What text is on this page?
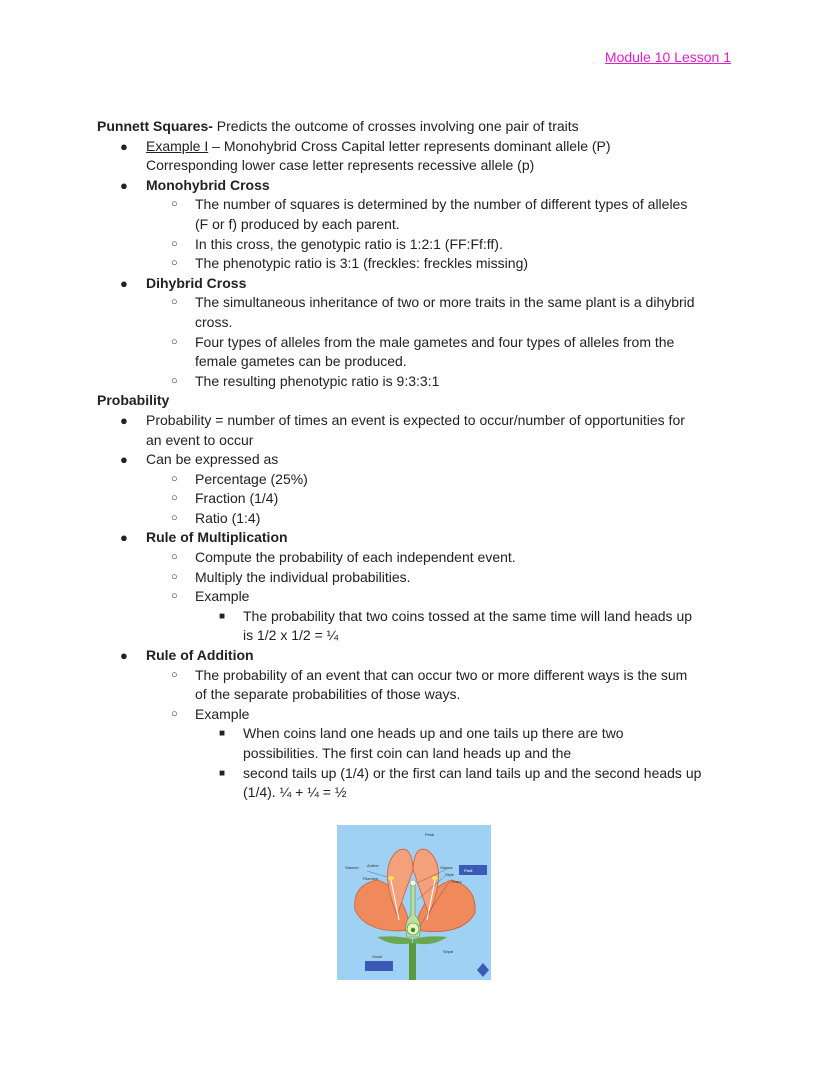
Module 10 Lesson 1
Punnett Squares- Predicts the outcome of crosses involving one pair of traits
● Example I – Monohybrid Cross Capital letter represents dominant allele (P)
Corresponding lower case letter represents recessive allele (p)
● Monohybrid Cross
○ The number of squares is determined by the number of different types of alleles
(F or f) produced by each parent.
○ In this cross, the genotypic ratio is 1:2:1 (FF:Ff:ff).
○ The phenotypic ratio is 3:1 (freckles: freckles missing)
● Dihybrid Cross
○ The simultaneous inheritance of two or more traits in the same plant is a dihybrid
cross.
○ Four types of alleles from the male gametes and four types of alleles from the
female gametes can be produced.
○ The resulting phenotypic ratio is 9:3:3:1
Probability
● Probability = number of times an event is expected to occur/number of opportunities for
an event to occur
● Can be expressed as
○ Percentage (25%)
○ Fraction (1/4)
○ Ratio (1:4)
● Rule of Multiplication
○ Compute the probability of each independent event.
○ Multiply the individual probabilities.
○ Example
■ The probability that two coins tossed at the same time will land heads up
is 1/2 x 1/2 = ¼
● Rule of Addition
○ The probability of an event that can occur two or more different ways is the sum
of the separate probabilities of those ways.
○ Example
■ When coins land one heads up and one tails up there are two
possibilities. The first coin can land heads up and the
■ second tails up (1/4) or the first can land tails up and the second heads up
(1/4). ¼ + ¼ = ½
Petal
Stamen Anther
Filament
Stigma
Style
Ovary
Pistil
Ovule
Sepal
